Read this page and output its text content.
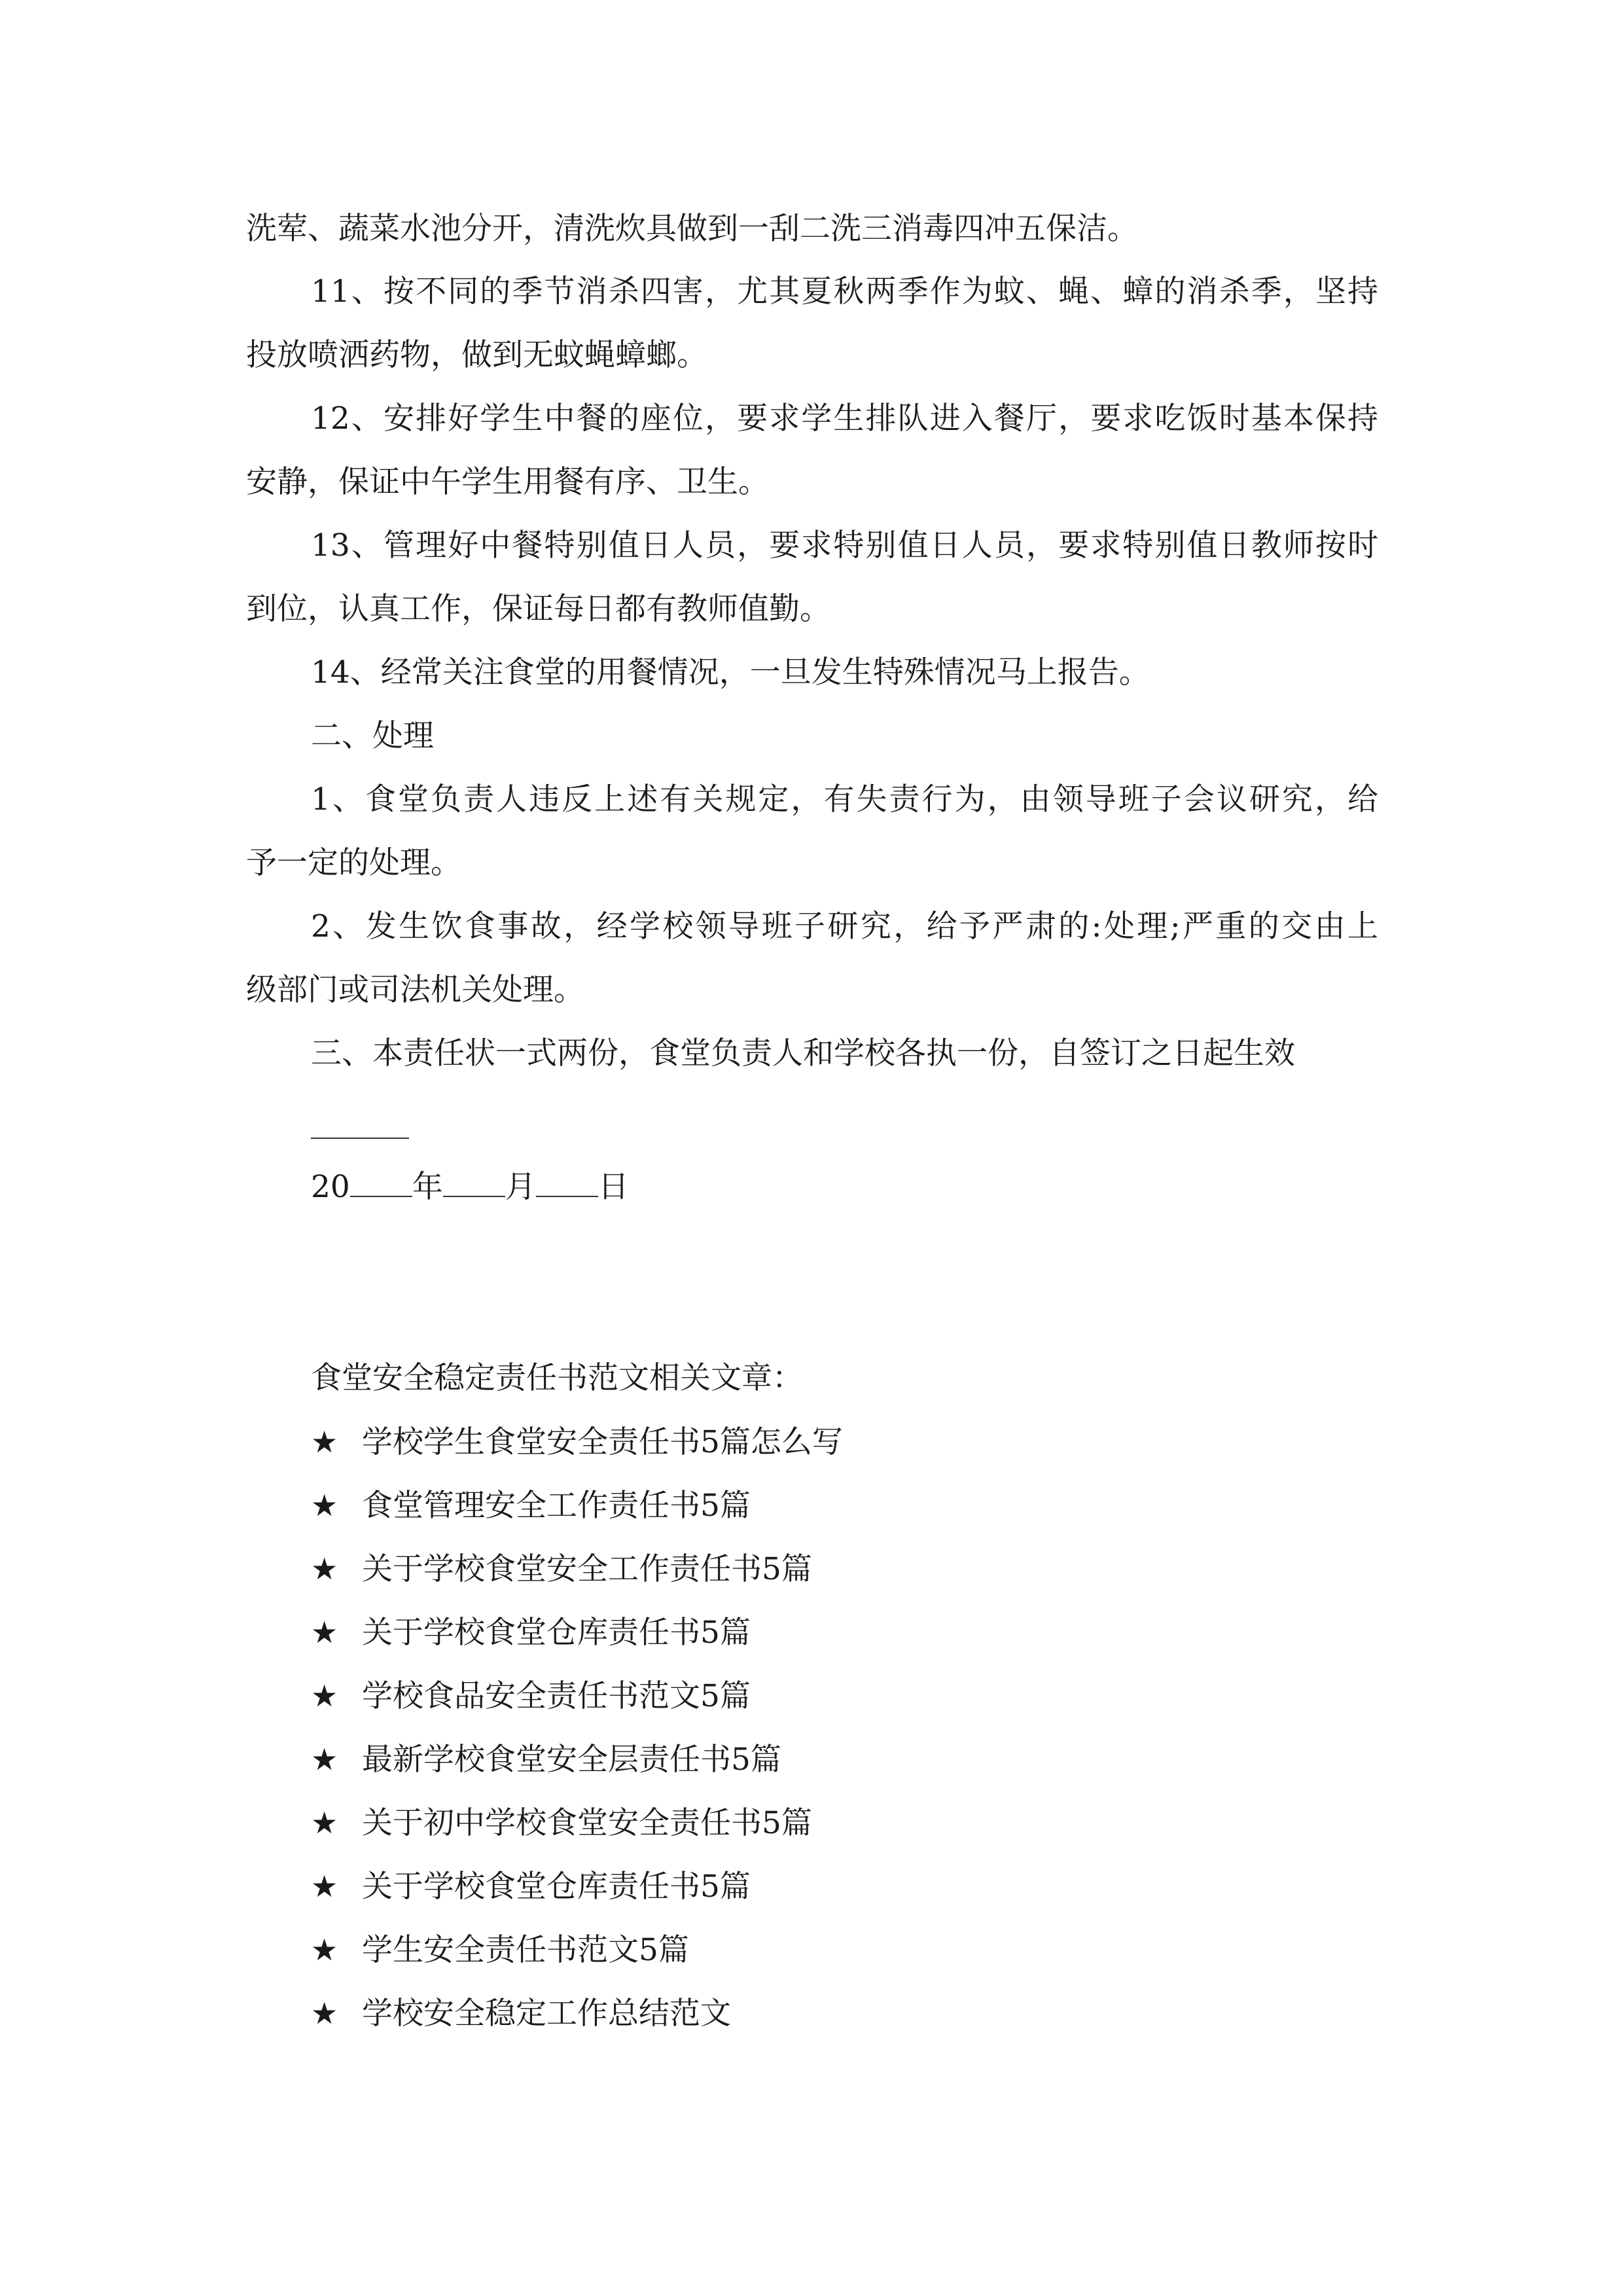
洗荤、蔬菜水池分开，清洗炊具做到一刮二洗三消毒四冲五保洁。
11、按不同的季节消杀四害，尤其夏秋两季作为蚊、蝇、蟑的消杀季，坚持
投放喷洒药物，做到无蚊蝇蟑螂。
12、安排好学生中餐的座位，要求学生排队进入餐厅，要求吃饭时基本保持
安静，保证中午学生用餐有序、卫生。
13、管理好中餐特别值日人员，要求特别值日人员，要求特别值日教师按时
到位，认真工作，保证每日都有教师值勤。
14、经常关注食堂的用餐情况，一旦发生特殊情况马上报告。
二、处理
1、食堂负责人违反上述有关规定，有失责行为，由领导班子会议研究，给
予一定的处理。
2、发生饮食事故，经学校领导班子研究，给予严肃的:处理;严重的交由上
级部门或司法机关处理。
三、本责任状一式两份，食堂负责人和学校各执一份，自签订之日起生效
20 年 月 日
食堂安全稳定责任书范文相关文章：
★ 学校学生食堂安全责任书5篇怎么写
★ 食堂管理安全工作责任书5篇
★ 关于学校食堂安全工作责任书5篇
★ 关于学校食堂仓库责任书5篇
★ 学校食品安全责任书范文5篇
★ 最新学校食堂安全层责任书5篇
★ 关于初中学校食堂安全责任书5篇
★ 关于学校食堂仓库责任书5篇
★ 学生安全责任书范文5篇
★ 学校安全稳定工作总结范文
